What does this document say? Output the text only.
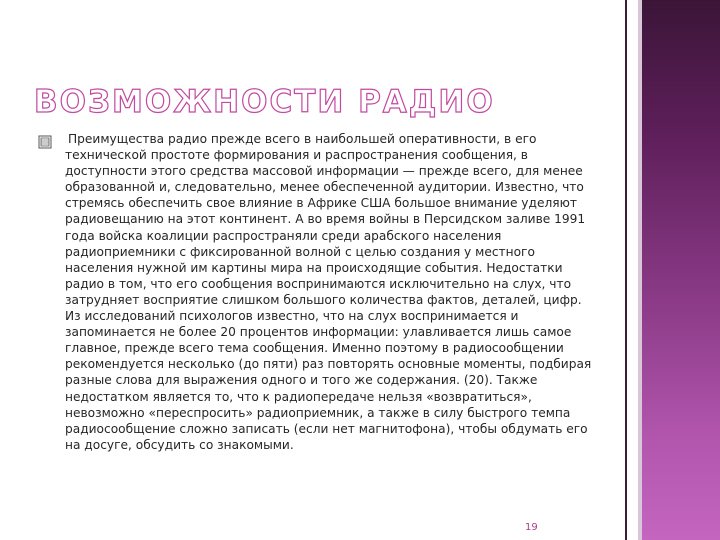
ВОЗМОЖНОСТИ РАДИО

Преимущества радио прежде всего в наибольшей оперативности, в его технической простоте формирования и распространения сообщения, в доступности этого средства массовой информации — прежде всего, для менее образованной и, следовательно, менее обеспеченной аудитории. Известно, что стремясь обеспечить свое влияние в Африке США большое внимание уделяют радиовещанию на этот континент. А во время войны в Персидском заливе 1991 года войска коалиции распространяли среди арабского населения радиоприемники с фиксированной волной с целью создания у местного населения нужной им картины мира на происходящие события. Недостатки радио в том, что его сообщения воспринимаются исключительно на слух, что затрудняет восприятие слишком большого количества фактов, деталей, цифр. Из исследований психологов известно, что на слух воспринимается и запоминается не более 20 процентов информации: улавливается лишь самое главное, прежде всего тема сообщения. Именно поэтому в радиосообщении рекомендуется несколько (до пяти) раз повторять основные моменты, подбирая разные слова для выражения одного и того же содержания. (20). Также недостатком является то, что к радиопередаче нельзя «возвратиться», невозможно «переспросить» радиоприемник, а также в силу быстрого темпа радиосообщение сложно записать (если нет магнитофона), чтобы обдумать его на досуге, обсудить со знакомыми.

19
